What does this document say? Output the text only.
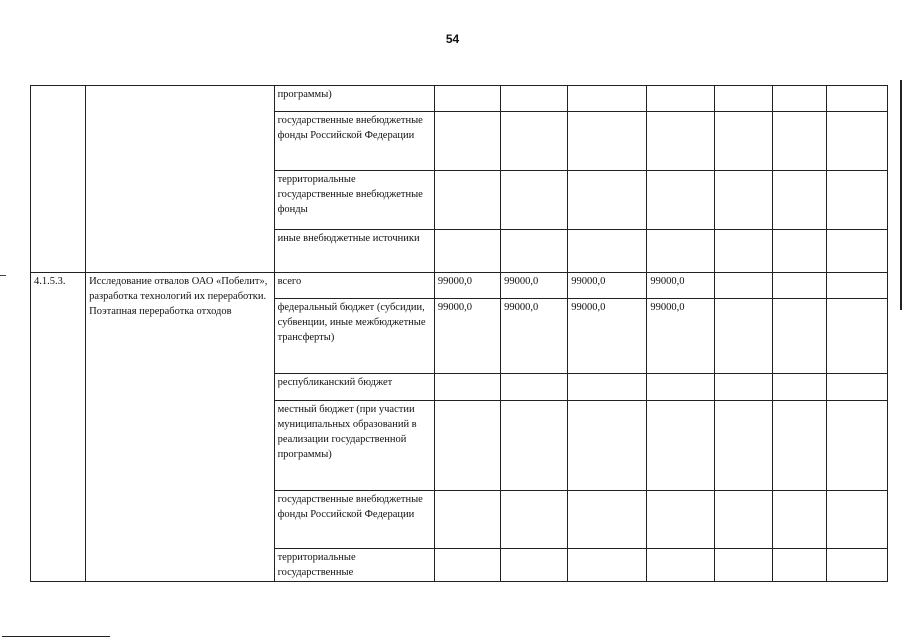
54
		программы)							
		государственные внебюджетные фонды Российской Федерации							
		территориальные государственные внебюджетные фонды							
		иные внебюджетные источники							
4.1.5.3.	Исследование отвалов ОАО «Побелит», разработка технологий их переработки. Поэтапная переработка отходов	всего	99000,0	99000,0	99000,0	99000,0			
		федеральный бюджет (субсидии, субвенции, иные межбюджетные трансферты)	99000,0	99000,0	99000,0	99000,0			
		республиканский бюджет							
		местный бюджет (при участии муниципальных образований в реализации государственной программы)							
		государственные внебюджетные фонды Российской Федерации							
		территориальные государственные							
